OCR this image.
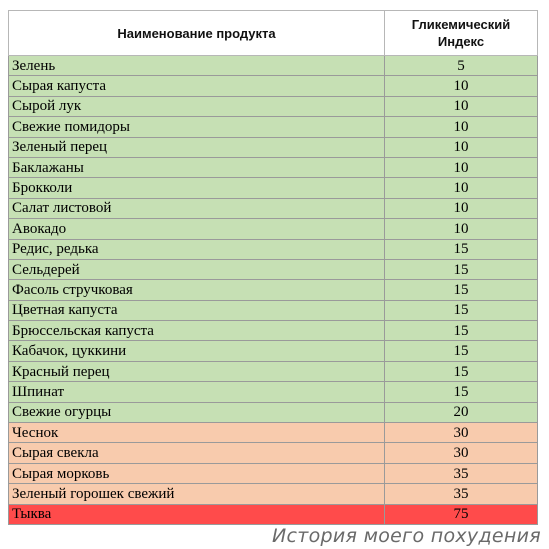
Наименование продукта	Гликемический
Индекс
Зелень	5
Сырая капуста	10
Сырой лук	10
Свежие помидоры	10
Зеленый перец	10
Баклажаны	10
Брокколи	10
Салат листовой	10
Авокадо	10
Редис, редька	15
Сельдерей	15
Фасоль стручковая	15
Цветная капуста	15
Брюссельская капуста	15
Кабачок, цуккини	15
Красный перец	15
Шпинат	15
Свежие огурцы	20
Чеснок	30
Сырая свекла	30
Сырая морковь	35
Зеленый горошек свежий	35
Тыква	75
История моего похудения
